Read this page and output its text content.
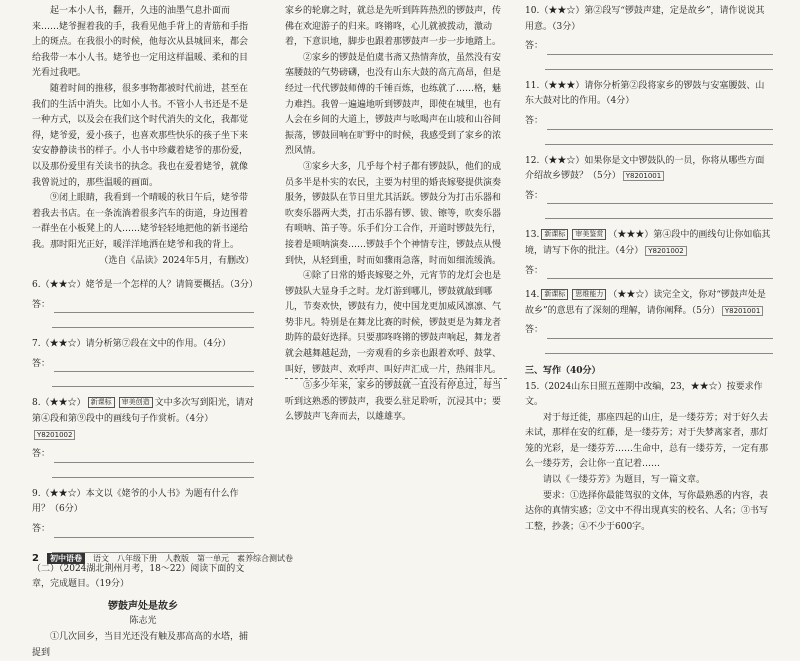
起一本小人书，翻开，久违的油墨气息扑面而来……姥爷握着我的手，我看见他手背上的青筋和手指上的斑点。在我很小的时候，他每次从县城回来，都会给我带一本小人书。姥爷也一定用这样温暖、柔和的目光看过我吧。

随着时间的推移，很多事物都被时代前进，甚至在我们的生活中消失。比如小人书。不管小人书还是不是一种方式，以及会在我们这个时代消失的文化，我都觉得，姥爷爱，爱小孩子，也喜欢那些快乐的孩子坐下来安安静静读书的样子。小人书中珍藏着姥爷的那份爱，以及那份爱里有关读书的执念。我也在爱着姥爷，就像我曾说过的，那些温暖的画面。

⑨闭上眼睛，我看到一个晴暖的秋日午后，姥爷带着我去书店。在一条流淌着很多汽车的街道，身边围着一群坐在小板凳上的人……姥爷轻轻地把他的新书递给我。那时阳光正好，暖洋洋地洒在姥爷和我的背上。

（选自《品读》2024年5月，有删改）
6.（★★☆）姥爷是一个怎样的人？请简要概括。（3分）
答：
7.（★★☆）请分析第⑦段在文中的作用。（4分）
答：
8.（★★☆） 新课标 审美创造 文中多次写到阳光，请对第④段和第⑨段中的画线句子作赏析。（4分）Y8201002
答：
9.（★★☆）本文以《姥爷的小人书》为题有什么作用？（6分）
答：
（二）（2024湖北荆州月考，18～22）阅读下面的文章，完成题目。（19分）
锣鼓声处是故乡
陈志光

①几次回乡，当目光还没有触及那高高的水塔，捕捉到

家乡的轮廓之时，就总是先听到阵阵热烈的锣鼓声，传佛在欢迎游子的归来。咚锵咚，心儿就被拨动，激动着，下意识地，脚步也跟着那锣鼓声一步一步地踏上。

②家乡的锣鼓是伯虞书斋又热情奔放，虽然没有安塞腰鼓的气势磅礴，也没有山东大鼓的高亢高昂，但是经过一代代锣鼓师傅的千锤百炼，也练就了……格，魅力难挡。我曾一遍遍地听到锣鼓声，即使在城里，也有人会在乡间的大道上，锣鼓声与吆喝声在山坡和山谷间振荡，锣鼓回响在旷野中的时候，我感受到了家乡的浓烈风情。

③家乡大多，几乎每个村子都有锣鼓队，他们的成员多半是朴实的农民，主要为村里的婚丧嫁娶提供演奏服务，锣鼓队在节日里尤其活跃。锣鼓分为打击乐器和吹奏乐器两大类，打击乐器有锣、钹、镲等，吹奏乐器有唢呐、笛子等。乐手们分工合作，开道时锣鼓先行，接着是唢呐演奏……锣鼓手个个神情专注，锣鼓点从慢到快，从轻到重，时而如骤雨急落，时而如细流缓淌。

④除了日常的婚丧嫁娶之外，元宵节的龙灯会也是锣鼓队大显身手之时。龙灯游到哪儿，锣鼓就敲到哪儿，节奏欢快，锣鼓有力，使中国龙更加威风凛凛、气势非凡。特别是在舞龙比赛的时候，锣鼓更是为舞龙者助阵的最好选择。只要那咚咚锵的锣鼓声响起，舞龙者就会越舞越起劲，一旁观看的乡亲也跟着欢呼、鼓掌、叫好，锣鼓声、欢呼声、叫好声汇成一片，热闹非凡。

⑤多少年来，家乡的锣鼓就一直没有停息过，每当听到这熟悉的锣鼓声，我要么驻足聆听，沉浸其中；要么锣鼓声飞奔而去，以雄雄享。

10.（★★☆）第②段写“锣鼓声建，定是故乡”，请作说说其用意。（3分）
答：
11.（★★★）请你分析第②段将家乡的锣鼓与安塞腰鼓、山东大鼓对比的作用。（4分）
答：
12.（★★☆）如果你是文中锣鼓队的一员，你将从哪些方面介绍故乡锣鼓？（5分） Y8201001
答：
13. 新课标 审美鉴赏 （★★★）第④段中的画线句让你如临其境，请写下你的批注。（4分） Y8201002
答：
14. 新课标 思维能力 （★★☆）读完全文，你对“锣鼓声处是故乡”的意思有了深刻的理解，请你阐释。（5分） Y8201001
答：
三、写作（40分）
15.（2024山东日照五莲期中改编，23，★★☆）按要求作文。

对于每迁徙，那座四起的山庄，是一缕芬芳；对于好久去未试，那样在安的红藤，是一缕芬芳；对于失梦离家者，那灯笼的光彩，是一缕芬芳……生命中，总有一缕芬芳，一定有那么一缕芬芳，会让你一直记着……

请以《一缕芬芳》为题目，写一篇文章。

要求：①选择你最能驾驭的文体，写你最熟悉的内容，表达你的真情实感；②文中不得出现真实的校名、人名；③书写工整，抄袭；④不少于600字。

2	初中语卷	语文 八年级下册 人教版 第一单元 素养综合测试卷
